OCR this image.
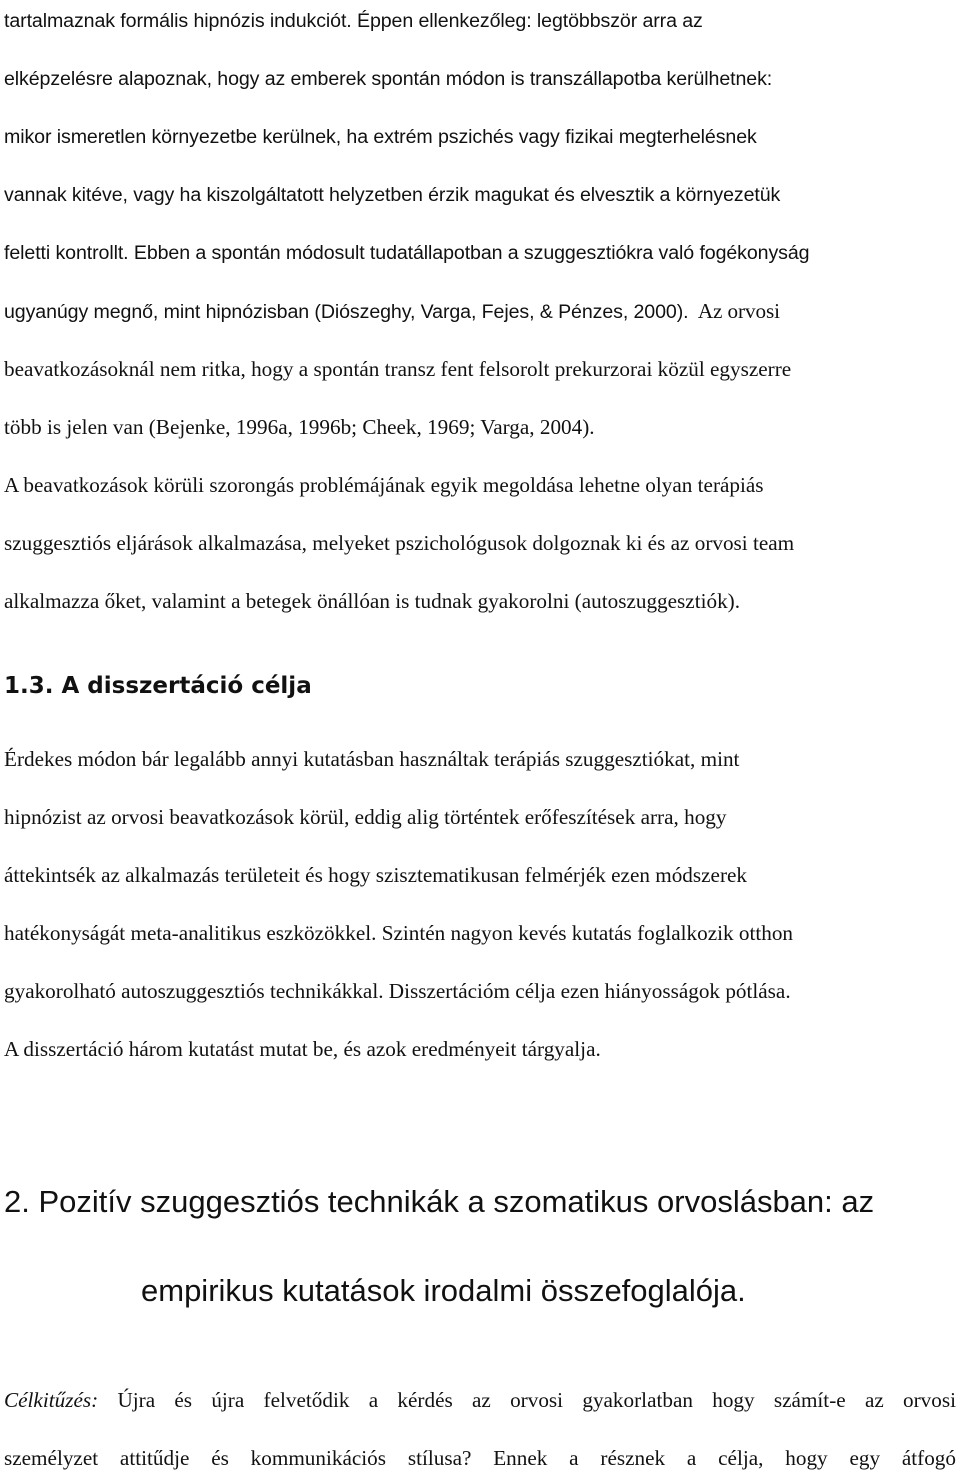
tartalmaznak formális hipnózis indukciót. Éppen ellenkezőleg: legtöbbször arra az
elképzelésre alapoznak, hogy az emberek spontán módon is transzállapotba kerülhetnek:
mikor ismeretlen környezetbe kerülnek, ha extrém pszichés vagy fizikai megterhelésnek
vannak kitéve, vagy ha kiszolgáltatott helyzetben érzik magukat és elvesztik a környezetük
feletti kontrollt. Ebben a spontán módosult tudatállapotban a szuggesztiókra való fogékonyság
ugyanúgy megnő, mint hipnózisban (Diószeghy, Varga, Fejes, & Pénzes, 2000). Az orvosi
beavatkozásoknál nem ritka, hogy a spontán transz fent felsorolt prekurzorai közül egyszerre
több is jelen van (Bejenke, 1996a, 1996b; Cheek, 1969; Varga, 2004).
A beavatkozások körüli szorongás problémájának egyik megoldása lehetne olyan terápiás
szuggesztiós eljárások alkalmazása, melyeket pszichológusok dolgoznak ki és az orvosi team
alkalmazza őket, valamint a betegek önállóan is tudnak gyakorolni (autoszuggesztiók).
1.3. A disszertáció célja
Érdekes módon bár legalább annyi kutatásban használtak terápiás szuggesztiókat, mint
hipnózist az orvosi beavatkozások körül, eddig alig történtek erőfeszítések arra, hogy
áttekintsék az alkalmazás területeit és hogy szisztematikusan felmérjék ezen módszerek
hatékonyságát meta-analitikus eszközökkel. Szintén nagyon kevés kutatás foglalkozik otthon
gyakorolható autoszuggesztiós technikákkal. Disszertációm célja ezen hiányosságok pótlása.
A disszertáció három kutatást mutat be, és azok eredményeit tárgyalja.
2. Pozitív szuggesztiós technikák a szomatikus orvoslásban: az
empirikus kutatások irodalmi összefoglalója.
Célkitűzés: Újra és újra felvetődik a kérdés az orvosi gyakorlatban hogy számít-e az orvosi
személyzet attitűdje és kommunikációs stílusa? Ennek a résznek a célja, hogy egy átfogó
